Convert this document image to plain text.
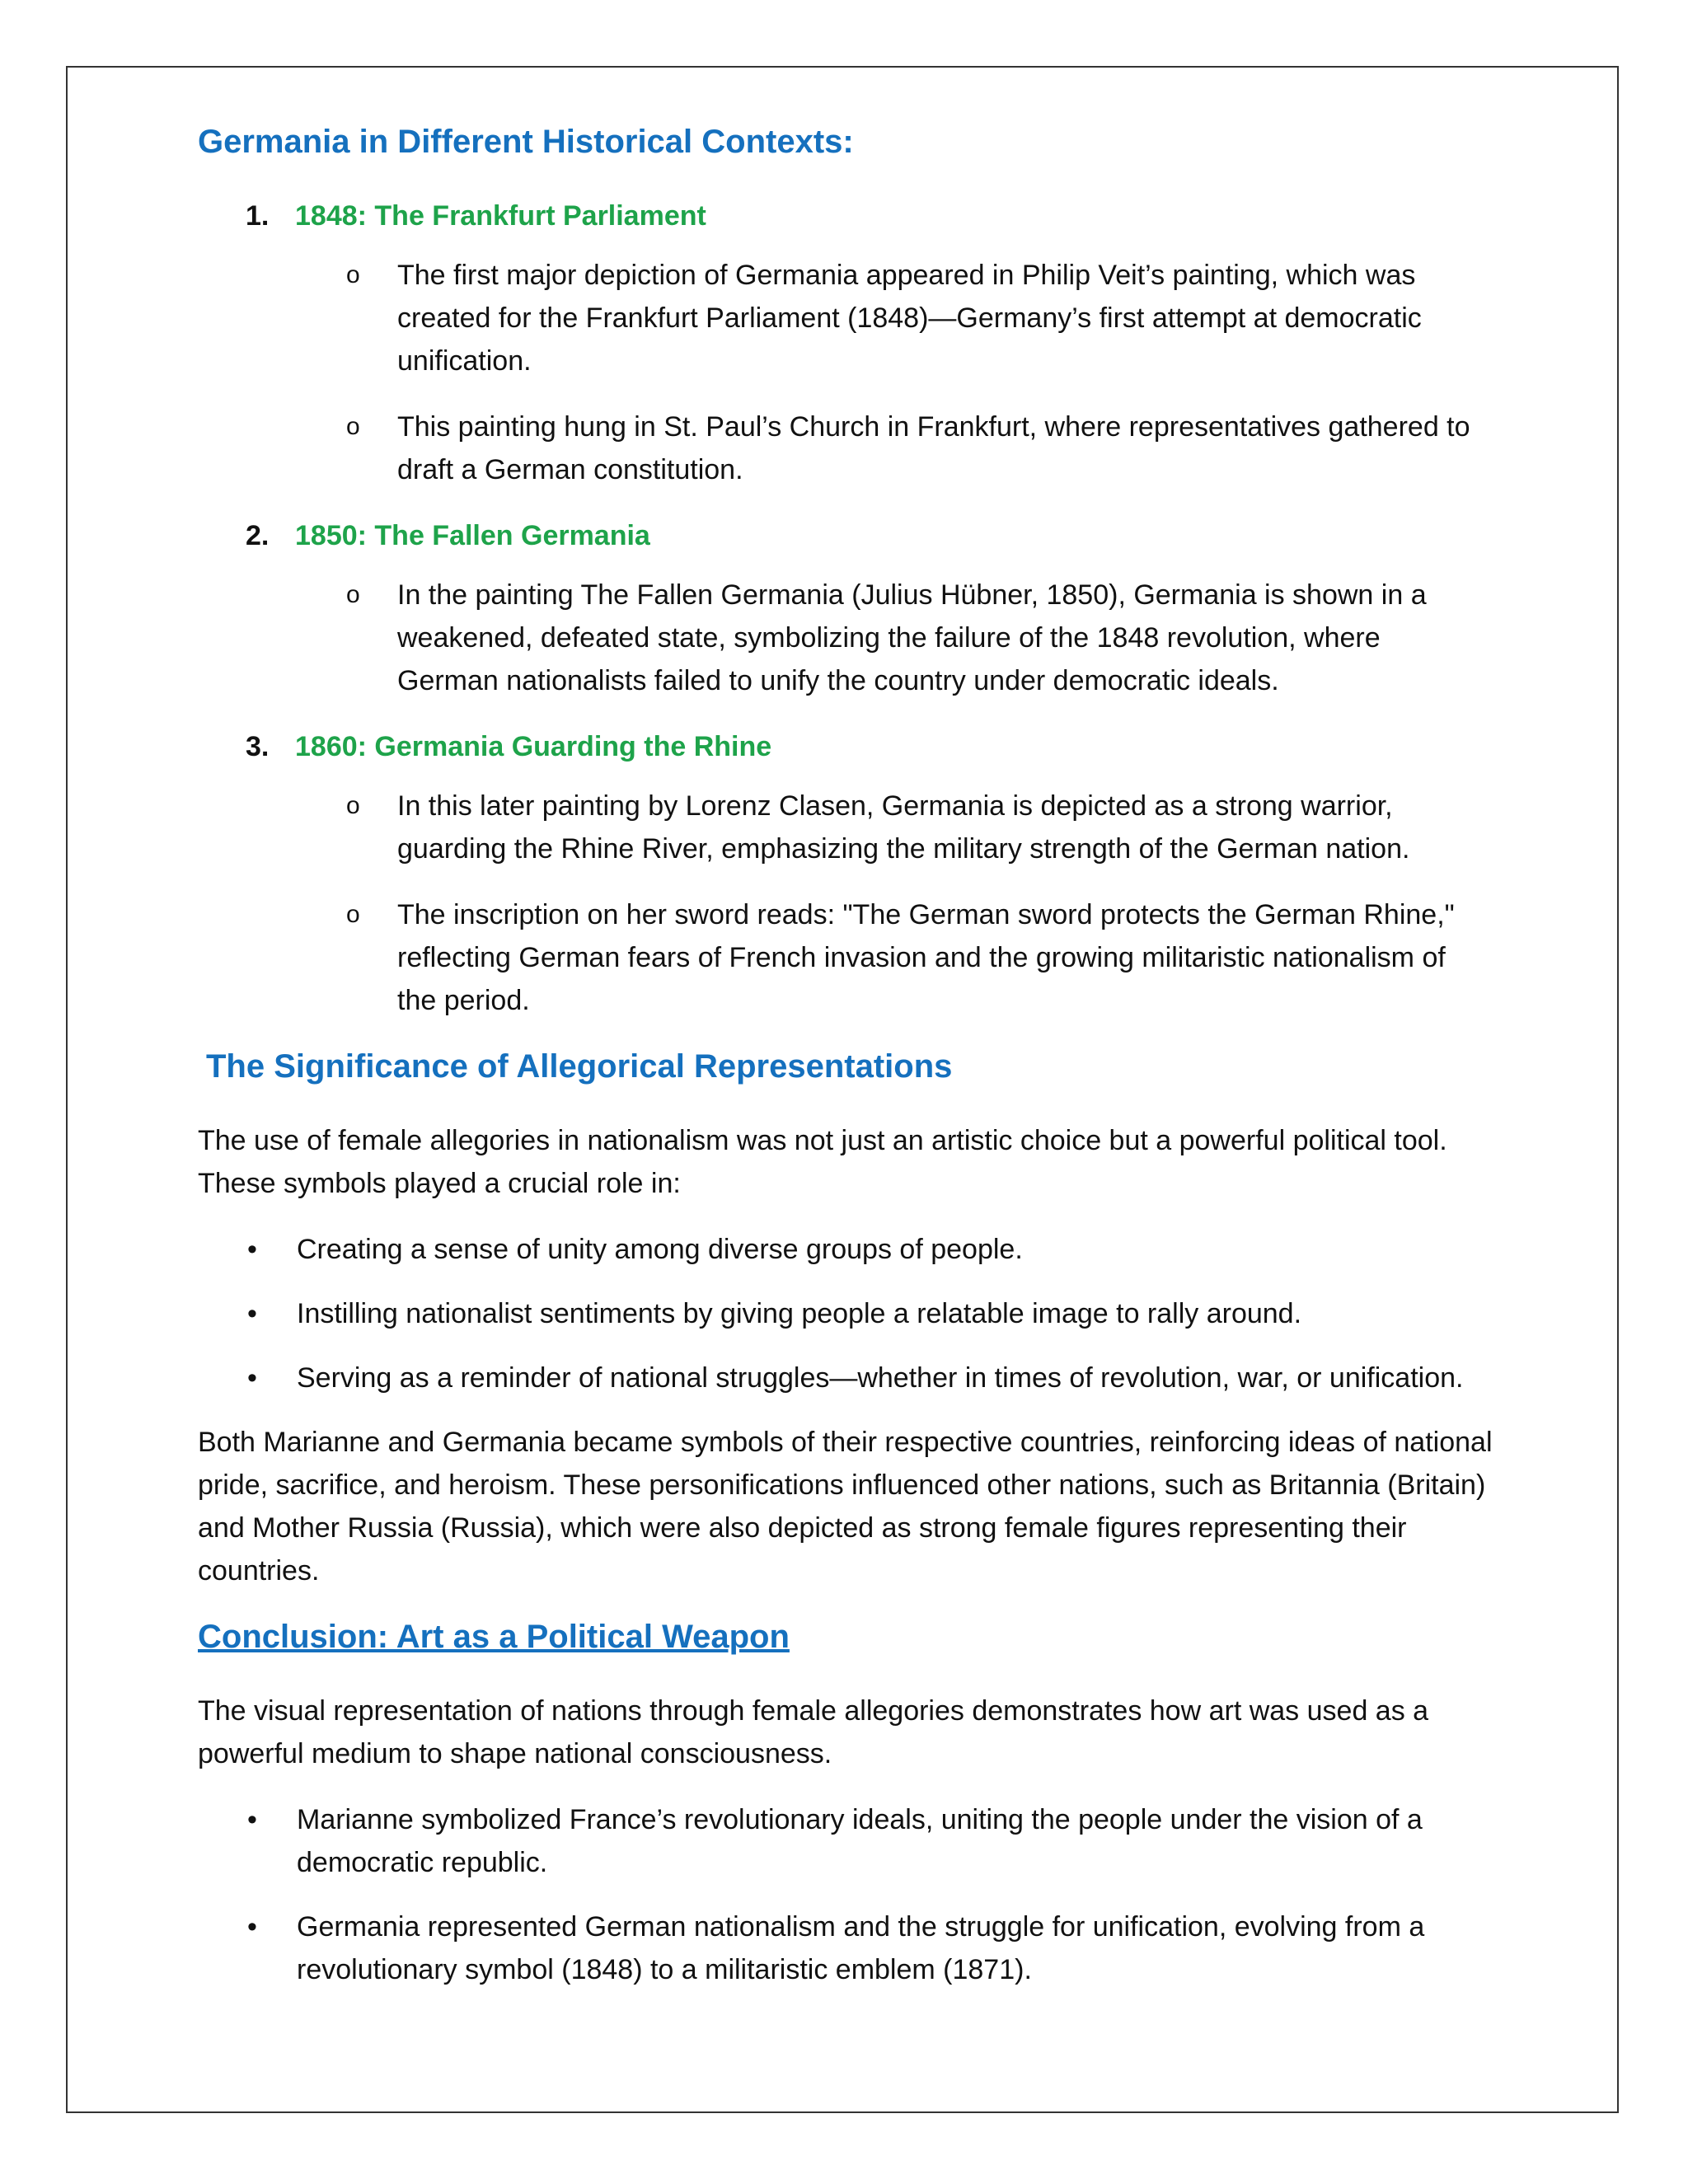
Germania in Different Historical Contexts:
1. 1848: The Frankfurt Parliament
o The first major depiction of Germania appeared in Philip Veit’s painting, which was created for the Frankfurt Parliament (1848)—Germany’s first attempt at democratic unification.
o This painting hung in St. Paul’s Church in Frankfurt, where representatives gathered to draft a German constitution.
2. 1850: The Fallen Germania
o In the painting The Fallen Germania (Julius Hübner, 1850), Germania is shown in a weakened, defeated state, symbolizing the failure of the 1848 revolution, where German nationalists failed to unify the country under democratic ideals.
3. 1860: Germania Guarding the Rhine
o In this later painting by Lorenz Clasen, Germania is depicted as a strong warrior, guarding the Rhine River, emphasizing the military strength of the German nation.
o The inscription on her sword reads: "The German sword protects the German Rhine," reflecting German fears of French invasion and the growing militaristic nationalism of the period.
The Significance of Allegorical Representations

The use of female allegories in nationalism was not just an artistic choice but a powerful political tool. These symbols played a crucial role in:

• Creating a sense of unity among diverse groups of people.
• Instilling nationalist sentiments by giving people a relatable image to rally around.
• Serving as a reminder of national struggles—whether in times of revolution, war, or unification.

Both Marianne and Germania became symbols of their respective countries, reinforcing ideas of national pride, sacrifice, and heroism. These personifications influenced other nations, such as Britannia (Britain) and Mother Russia (Russia), which were also depicted as strong female figures representing their countries.

Conclusion: Art as a Political Weapon

The visual representation of nations through female allegories demonstrates how art was used as a powerful medium to shape national consciousness.

• Marianne symbolized France’s revolutionary ideals, uniting the people under the vision of a democratic republic.
• Germania represented German nationalism and the struggle for unification, evolving from a revolutionary symbol (1848) to a militaristic emblem (1871).
